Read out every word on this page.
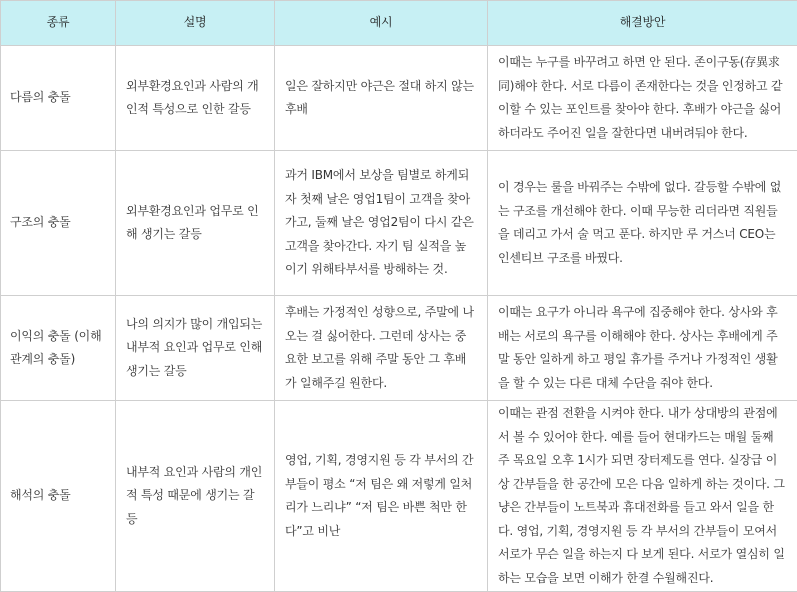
종류	설명	예시	해결방안
다름의 충돌	외부환경요인과 사람의 개인적 특성으로 인한 갈등	일은 잘하지만 야근은 절대 하지 않는 후배	이때는 누구를 바꾸려고 하면 안 된다. 존이구동(存異求同)해야 한다. 서로 다름이 존재한다는 것을 인정하고 같이할 수 있는 포인트를 찾아야 한다. 후배가 야근을 싫어하더라도 주어진 일을 잘한다면 내버려둬야 한다.
구조의 충돌	외부환경요인과 업무로 인해 생기는 갈등	과거 IBM에서 보상을 팀별로 하게되자 첫째 날은 영업1팀이 고객을 찾아가고, 둘째 날은 영업2팀이 다시 같은 고객을 찾아간다. 자기 팀 실적을 높이기 위해타부서를 방해하는 것.	이 경우는 룰을 바꿔주는 수밖에 없다. 갈등할 수밖에 없는 구조를 개선해야 한다. 이때 무능한 리더라면 직원들을 데리고 가서 술 먹고 푼다. 하지만 루 거스너 CEO는 인센티브 구조를 바꿨다.
이익의 충돌 (이해관계의 충돌)	나의 의지가 많이 개입되는 내부적 요인과 업무로 인해 생기는 갈등	후배는 가정적인 성향으로, 주말에 나오는 걸 싫어한다. 그런데 상사는 중요한 보고를 위해 주말 동안 그 후배가 일해주길 원한다.	이때는 요구가 아니라 욕구에 집중해야 한다. 상사와 후배는 서로의 욕구를 이해해야 한다. 상사는 후배에게 주말 동안 일하게 하고 평일 휴가를 주거나 가정적인 생활을 할 수 있는 다른 대체 수단을 줘야 한다.
해석의 충돌	내부적 요인과 사람의 개인적 특성 때문에 생기는 갈등	영업, 기획, 경영지원 등 각 부서의 간부들이 평소 “저 팀은 왜 저렇게 일처리가 느리냐” “저 팀은 바쁜 척만 한다”고 비난	이때는 관점 전환을 시켜야 한다. 내가 상대방의 관점에서 볼 수 있어야 한다. 예를 들어 현대카드는 매월 둘째 주 목요일 오후 1시가 되면 장터제도를 연다. 실장급 이상 간부들을 한 공간에 모은 다음 일하게 하는 것이다. 그냥은 간부들이 노트북과 휴대전화를 들고 와서 일을 한다. 영업, 기획, 경영지원 등 각 부서의 간부들이 모여서 서로가 무슨 일을 하는지 다 보게 된다. 서로가 열심히 일하는 모습을 보면 이해가 한결 수월해진다.
